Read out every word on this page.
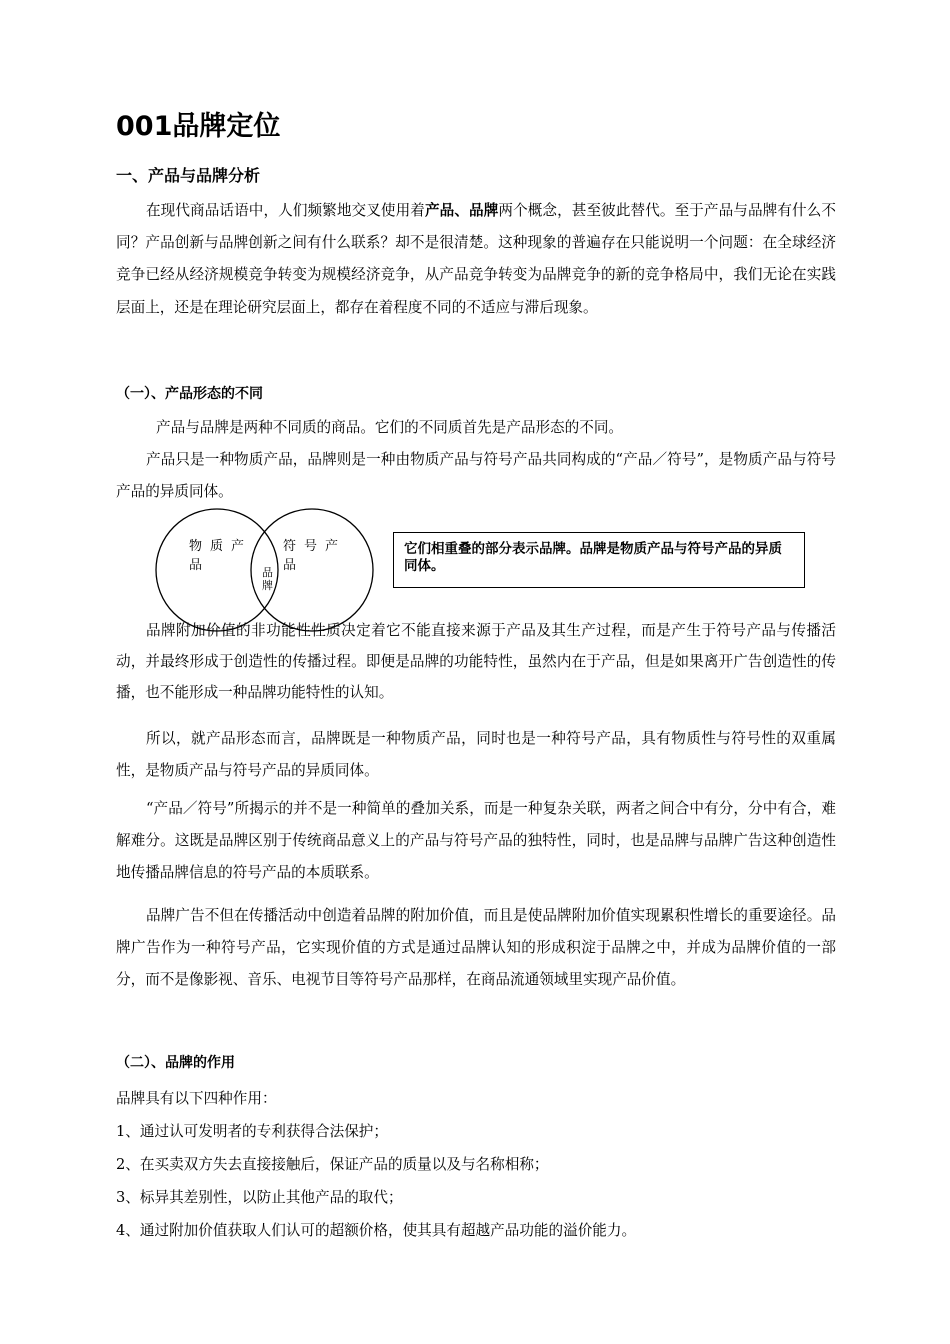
001品牌定位
一、产品与品牌分析

在现代商品话语中，人们频繁地交叉使用着产品、品牌两个概念，甚至彼此替代。至于产品与品牌有什么不同？产品创新与品牌创新之间有什么联系？却不是很清楚。这种现象的普遍存在只能说明一个问题：在全球经济竞争已经从经济规模竞争转变为规模经济竞争，从产品竞争转变为品牌竞争的新的竞争格局中，我们无论在实践层面上，还是在理论研究层面上，都存在着程度不同的不适应与滞后现象。

（一）、产品形态的不同

产品与品牌是两种不同质的商品。它们的不同质首先是产品形态的不同。

产品只是一种物质产品，品牌则是一种由物质产品与符号产品共同构成的“产品／符号”，是物质产品与符号产品的异质同体。

物质产品
符号产品
品牌
它们相重叠的部分表示品牌。品牌是物质产品与符号产品的异质同体。

品牌附加价值的非功能性性质决定着它不能直接来源于产品及其生产过程，而是产生于符号产品与传播活动，并最终形成于创造性的传播过程。即便是品牌的功能特性，虽然内在于产品，但是如果离开广告创造性的传播，也不能形成一种品牌功能特性的认知。

所以，就产品形态而言，品牌既是一种物质产品，同时也是一种符号产品，具有物质性与符号性的双重属性，是物质产品与符号产品的异质同体。

“产品／符号”所揭示的并不是一种简单的叠加关系，而是一种复杂关联，两者之间合中有分，分中有合，难解难分。这既是品牌区别于传统商品意义上的产品与符号产品的独特性，同时，也是品牌与品牌广告这种创造性地传播品牌信息的符号产品的本质联系。

品牌广告不但在传播活动中创造着品牌的附加价值，而且是使品牌附加价值实现累积性增长的重要途径。品牌广告作为一种符号产品，它实现价值的方式是通过品牌认知的形成积淀于品牌之中，并成为品牌价值的一部分，而不是像影视、音乐、电视节目等符号产品那样，在商品流通领域里实现产品价值。

（二）、品牌的作用

品牌具有以下四种作用：

1、通过认可发明者的专利获得合法保护；

2、在买卖双方失去直接接触后，保证产品的质量以及与名称相称；

3、标异其差别性，以防止其他产品的取代；

4、通过附加价值获取人们认可的超额价格，使其具有超越产品功能的溢价能力。
